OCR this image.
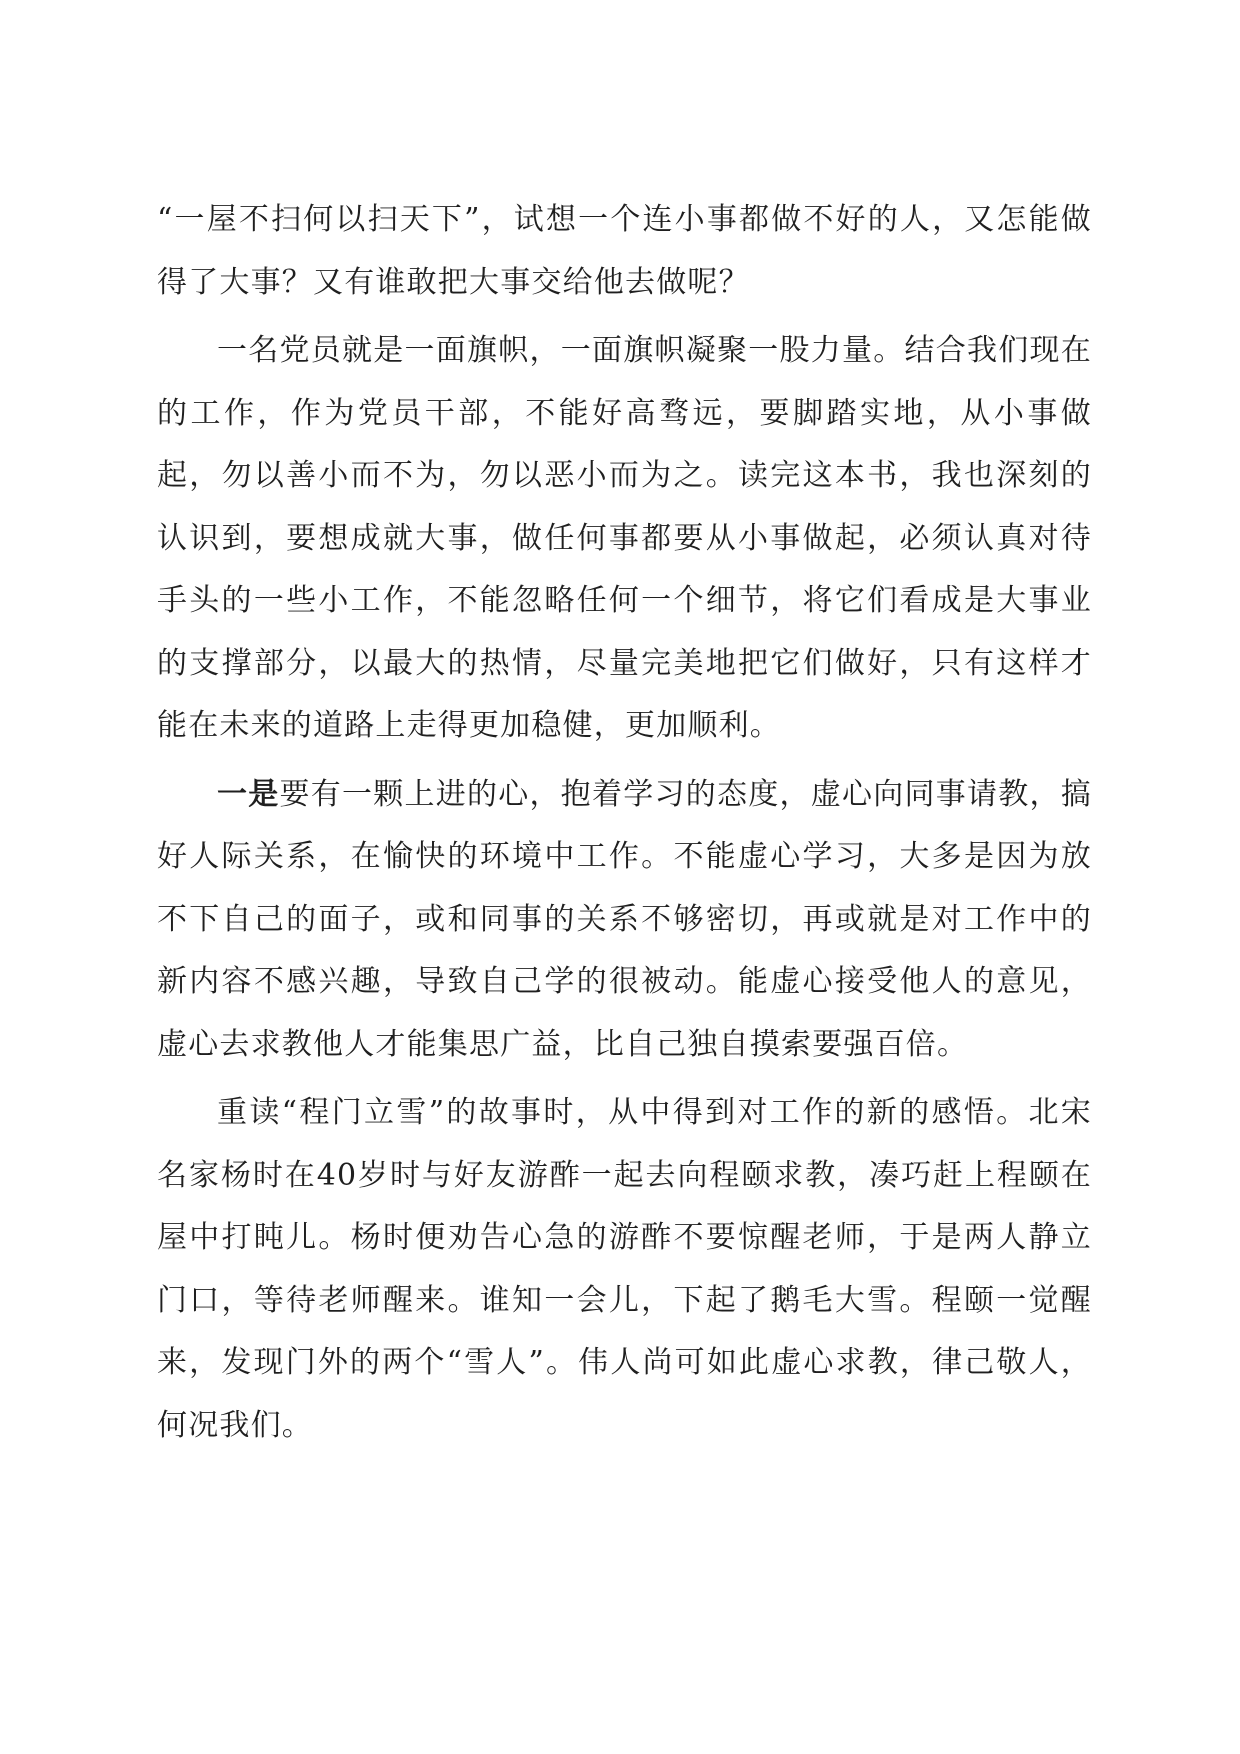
“一屋不扫何以扫天下”，试想一个连小事都做不好的人，又怎能做得了大事？又有谁敢把大事交给他去做呢？

一名党员就是一面旗帜，一面旗帜凝聚一股力量。结合我们现在的工作，作为党员干部，不能好高骛远，要脚踏实地，从小事做起，勿以善小而不为，勿以恶小而为之。读完这本书，我也深刻的认识到，要想成就大事，做任何事都要从小事做起，必须认真对待手头的一些小工作，不能忽略任何一个细节，将它们看成是大事业的支撑部分，以最大的热情，尽量完美地把它们做好，只有这样才能在未来的道路上走得更加稳健，更加顺利。

一是要有一颗上进的心，抱着学习的态度，虚心向同事请教，搞好人际关系，在愉快的环境中工作。不能虚心学习，大多是因为放不下自己的面子，或和同事的关系不够密切，再或就是对工作中的新内容不感兴趣，导致自己学的很被动。能虚心接受他人的意见，虚心去求教他人才能集思广益，比自己独自摸索要强百倍。

重读“程门立雪”的故事时，从中得到对工作的新的感悟。北宋名家杨时在40岁时与好友游酢一起去向程颐求教，凑巧赶上程颐在屋中打盹儿。杨时便劝告心急的游酢不要惊醒老师，于是两人静立门口，等待老师醒来。谁知一会儿，下起了鹅毛大雪。程颐一觉醒来，发现门外的两个“雪人”。伟人尚可如此虚心求教，律己敬人，何况我们。
